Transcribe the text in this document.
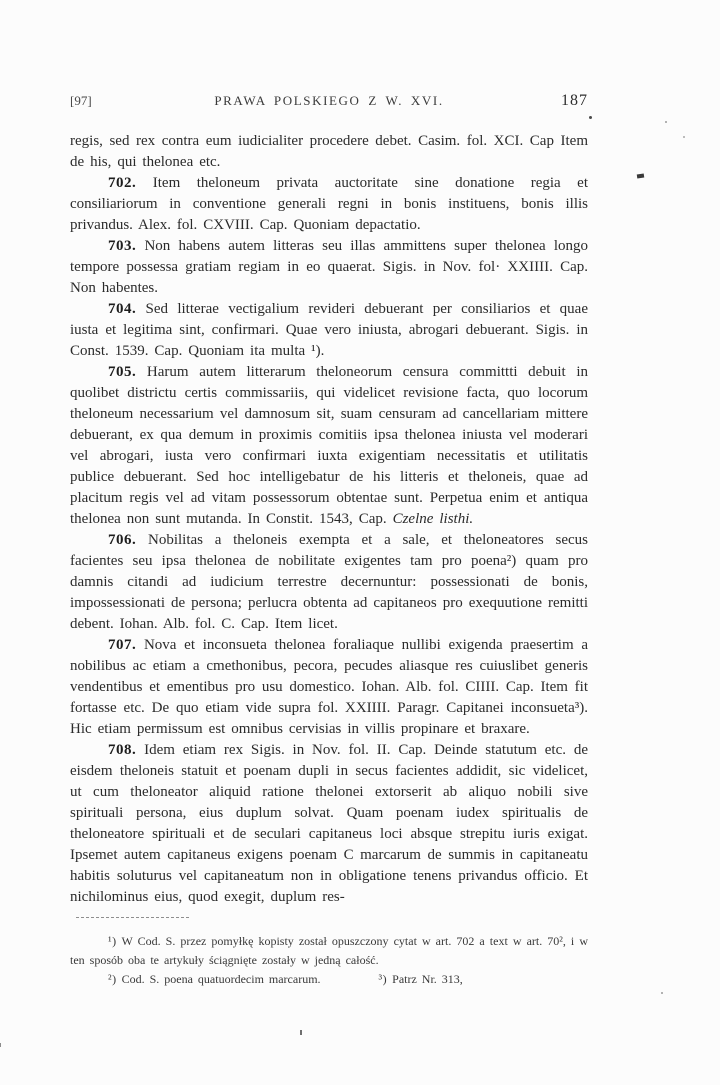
[97]	PRAWA POLSKIEGO Z W. XVI.	187

regis, sed rex contra eum iudicialiter procedere debet. Casim. fol. XCI. Cap Item de his, qui thelonea etc.

702. Item theloneum privata auctoritate sine donatione regia et consiliariorum in conventione generali regni in bonis instituens, bonis illis privandus. Alex. fol. CXVIII. Cap. Quoniam depactatio.

703. Non habens autem litteras seu illas ammittens super thelonea longo tempore possessa gratiam regiam in eo quaerat. Sigis. in Nov. fol· XXIIII. Cap. Non habentes.

704. Sed litterae vectigalium revideri debuerant per consiliarios et quae iusta et legitima sint, confirmari. Quae vero iniusta, abrogari debuerant. Sigis. in Const. 1539. Cap. Quoniam ita multa ¹).

705. Harum autem litterarum theloneorum censura committti debuit in quolibet districtu certis commissariis, qui videlicet revisione facta, quo locorum theloneum necessarium vel damnosum sit, suam censuram ad cancellariam mittere debuerant, ex qua demum in proximis comitiis ipsa thelonea iniusta vel moderari vel abrogari, iusta vero confirmari iuxta exigentiam necessitatis et utilitatis publice debuerant. Sed hoc intelligebatur de his litteris et theloneis, quae ad placitum regis vel ad vitam possessorum obtentae sunt. Perpetua enim et antiqua thelonea non sunt mutanda. In Constit. 1543, Cap. Czelne listhi.

706. Nobilitas a theloneis exempta et a sale, et theloneatores secus facientes seu ipsa thelonea de nobilitate exigentes tam pro poena²) quam pro damnis citandi ad iudicium terrestre decernuntur: possessionati de bonis, impossessionati de persona; perlucra obtenta ad capitaneos pro exequutione remitti debent. Iohan. Alb. fol. C. Cap. Item licet.

707. Nova et inconsueta thelonea foraliaque nullibi exigenda praesertim a nobilibus ac etiam a cmethonibus, pecora, pecudes aliasque res cuiuslibet generis vendentibus et ementibus pro usu domestico. Iohan. Alb. fol. CIIII. Cap. Item fit fortasse etc. De quo etiam vide supra fol. XXIIII. Paragr. Capitanei inconsueta³). Hic etiam permissum est omnibus cervisias in villis propinare et braxare.

708. Idem etiam rex Sigis. in Nov. fol. II. Cap. Deinde statutum etc. de eisdem theloneis statuit et poenam dupli in secus facientes addidit, sic videlicet, ut cum theloneator aliquid ratione thelonei extorserit ab aliquo nobili sive spirituali persona, eius duplum solvat. Quam poenam iudex spiritualis de theloneatore spirituali et de seculari capitaneus loci absque strepitu iuris exigat. Ipsemet autem capitaneus exigens poenam C marcarum de summis in capitaneatu habitis soluturus vel capitaneatum non in obligatione tenens privandus officio. Et nichilominus eius, quod exegit, duplum res-

¹) W Cod. S. przez pomyłkę kopisty został opuszczony cytat w art. 702 a text w art. 70², i w ten sposób oba te artykuły ściągnięte zostały w jedną całość.

²) Cod. S. poena quatuordecim marcarum.	³) Patrz Nr. 313,
